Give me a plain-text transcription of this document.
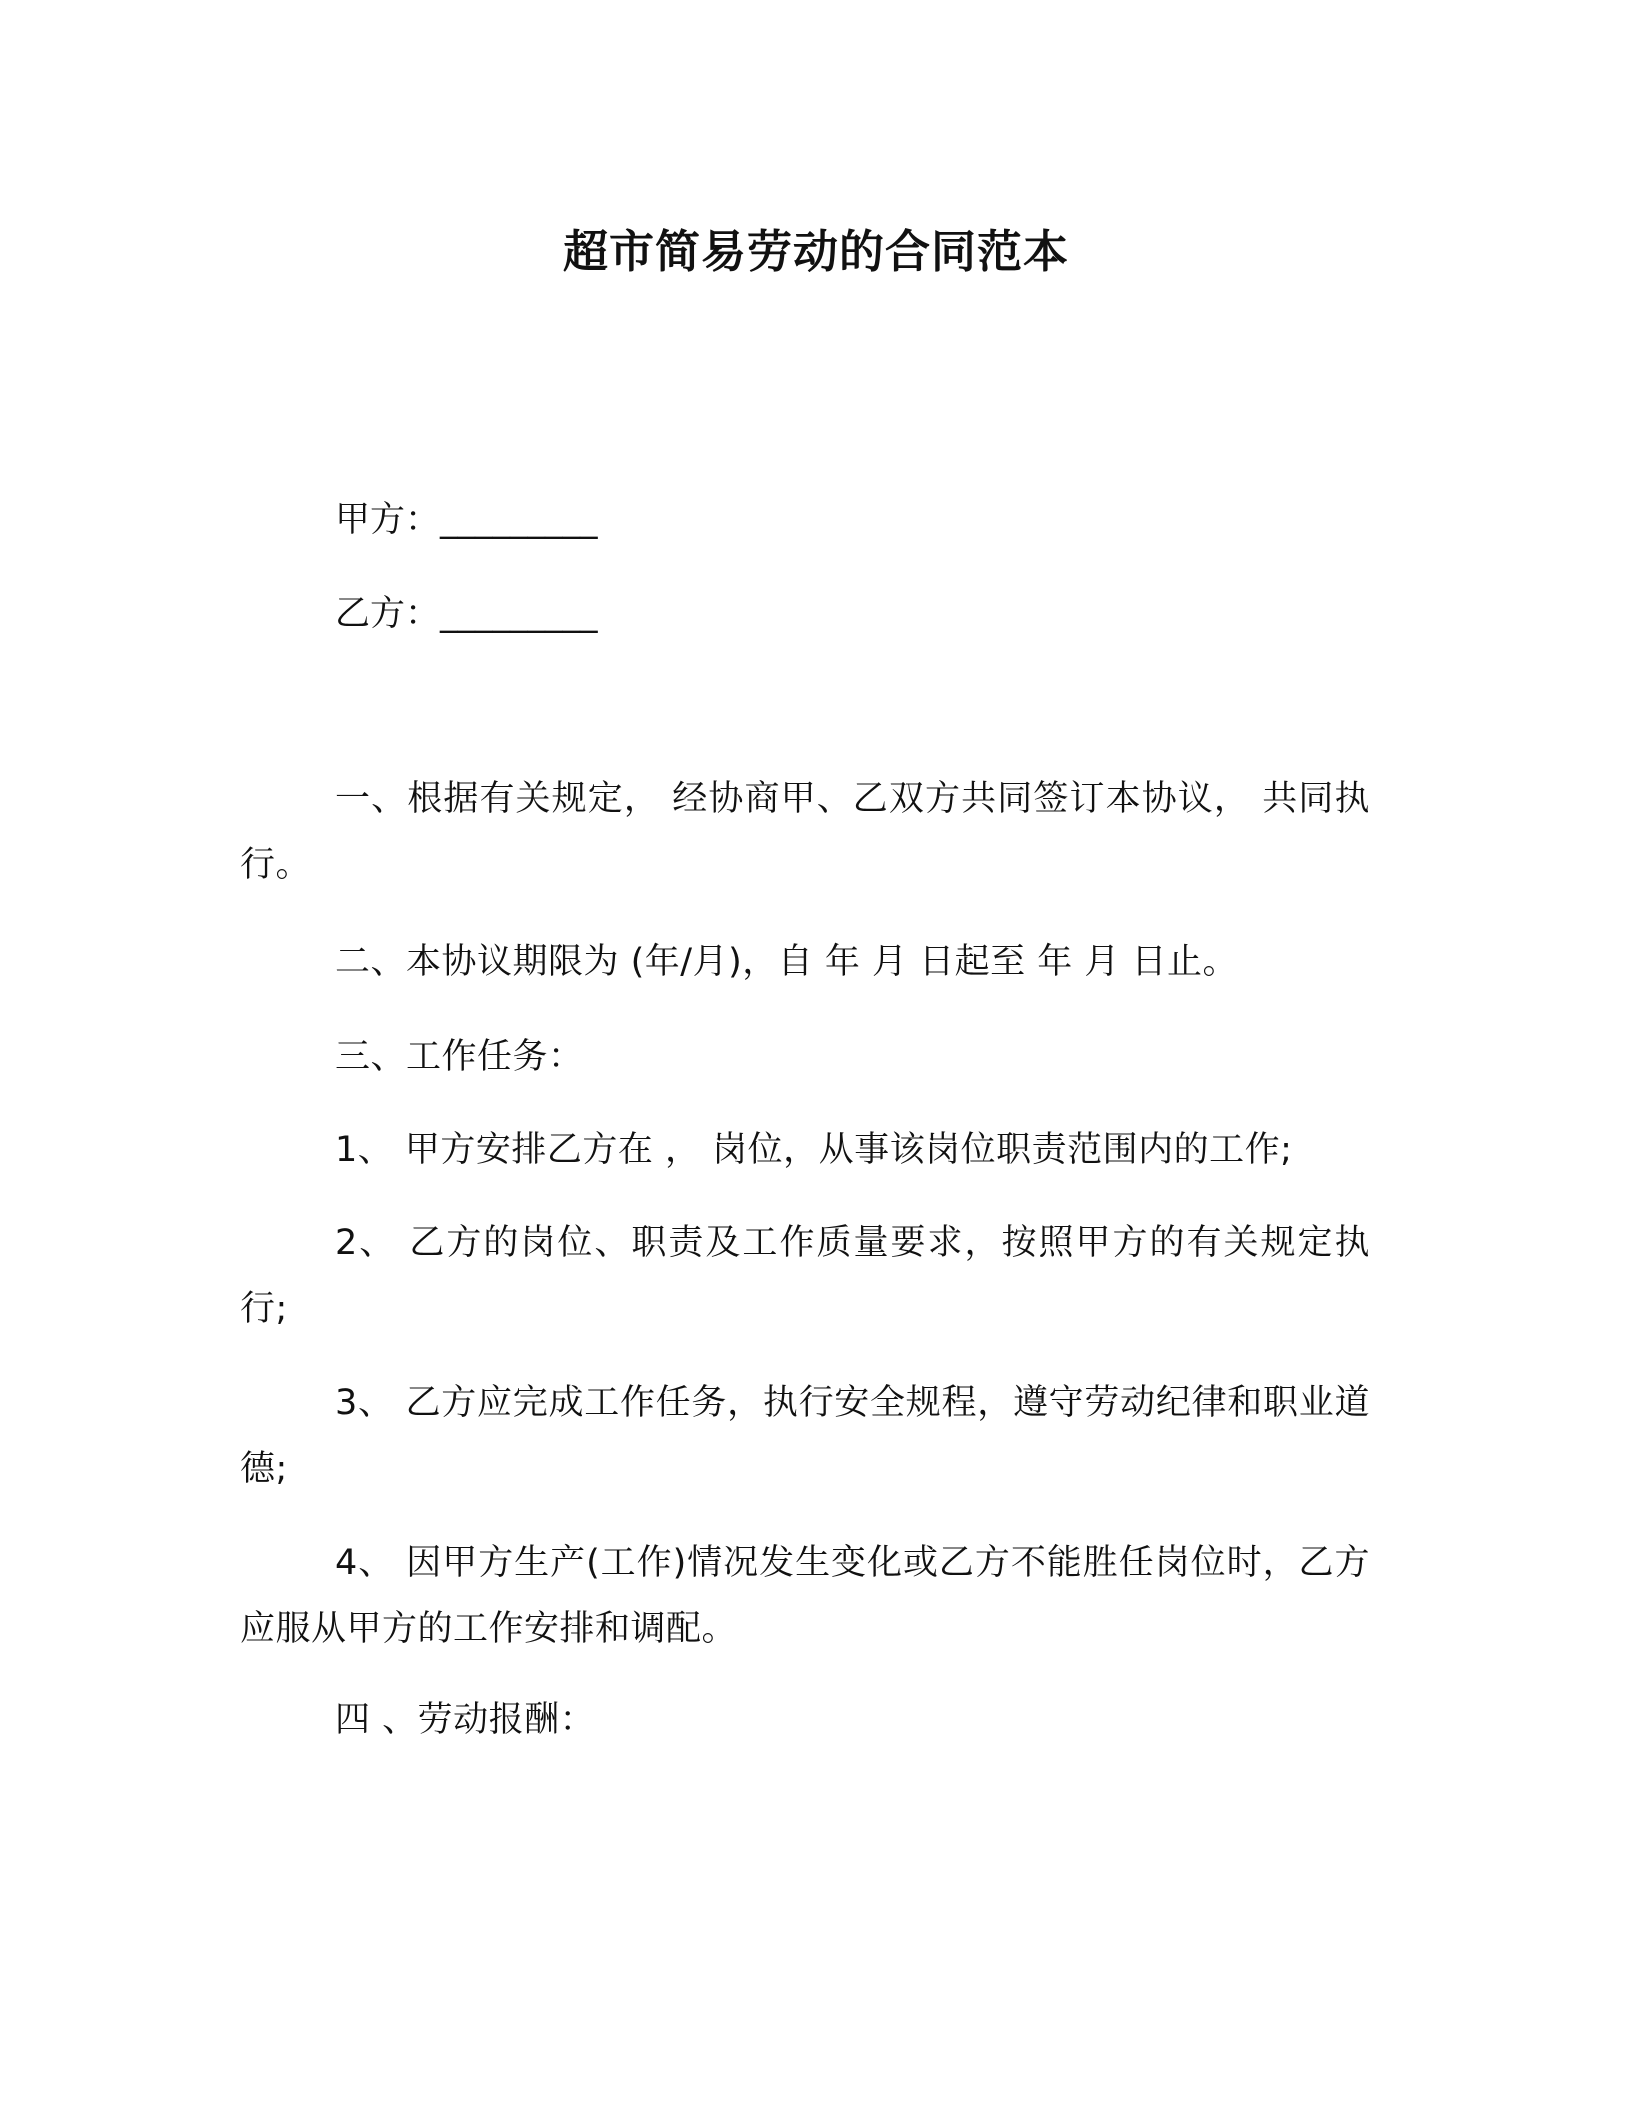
超市简易劳动的合同范本
甲方：_________
乙方：_________
一、根据有关规定， 经协商甲、乙双方共同签订本协议， 共同执行。
二、本协议期限为 (年/月)，自 年 月 日起至 年 月 日止。
三、工作任务：
1、 甲方安排乙方在 ， 岗位，从事该岗位职责范围内的工作;
2、 乙方的岗位、职责及工作质量要求，按照甲方的有关规定执行;
3、 乙方应完成工作任务，执行安全规程，遵守劳动纪律和职业道德;
4、 因甲方生产(工作)情况发生变化或乙方不能胜任岗位时，乙方应服从甲方的工作安排和调配。
四 、劳动报酬：
